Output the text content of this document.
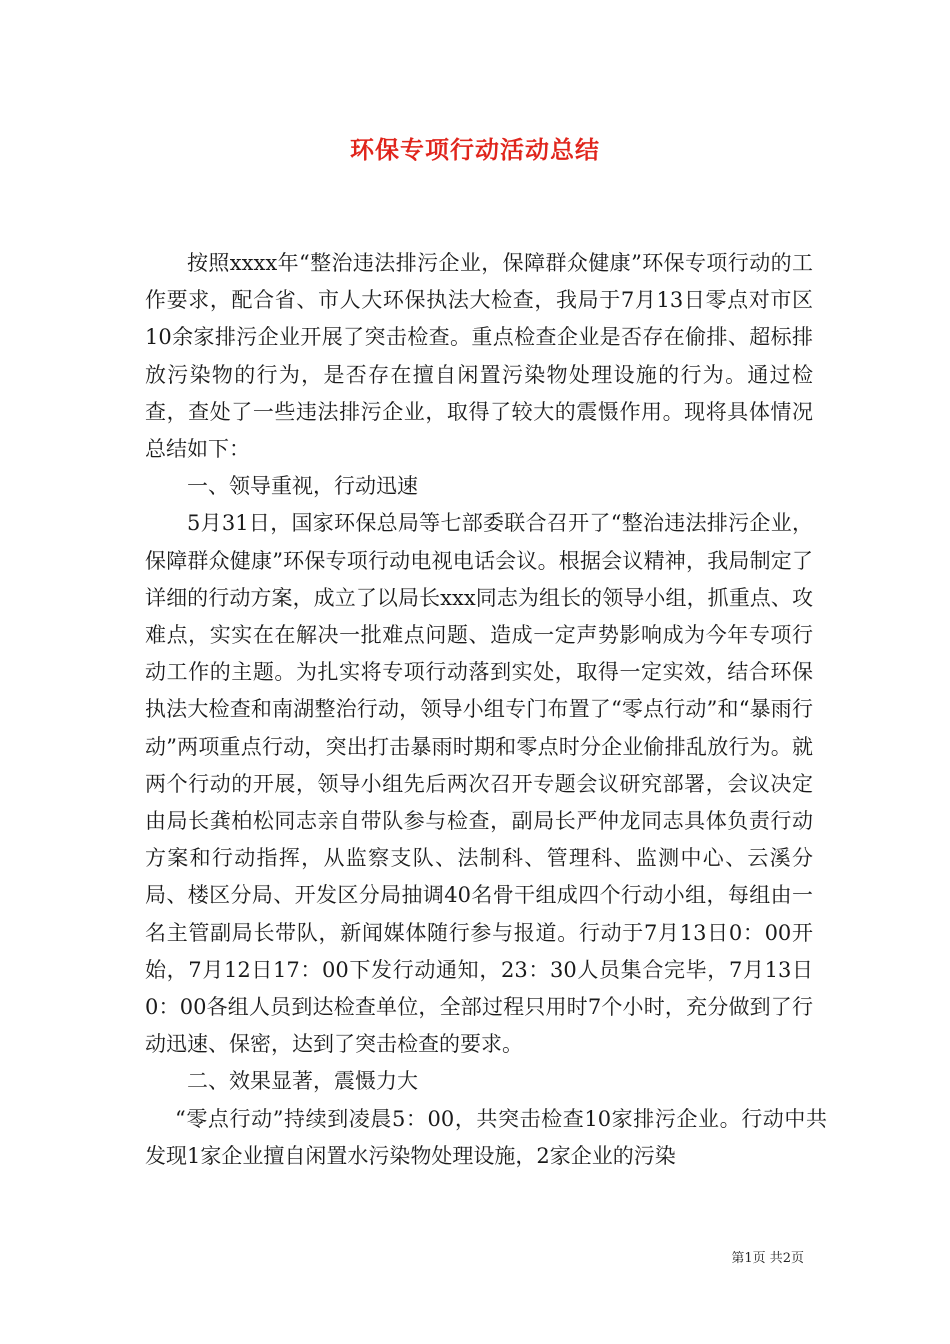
环保专项行动活动总结

按照xxxx年“整治违法排污企业，保障群众健康”环保专项行动的工作要求，配合省、市人大环保执法大检查，我局于7月13日零点对市区10余家排污企业开展了突击检查。重点检查企业是否存在偷排、超标排放污染物的行为，是否存在擅自闲置污染物处理设施的行为。通过检查，查处了一些违法排污企业，取得了较大的震慑作用。现将具体情况总结如下：

一、领导重视，行动迅速

5月31日，国家环保总局等七部委联合召开了“整治违法排污企业，保障群众健康”环保专项行动电视电话会议。根据会议精神，我局制定了详细的行动方案，成立了以局长xxx同志为组长的领导小组，抓重点、攻难点，实实在在解决一批难点问题、造成一定声势影响成为今年专项行动工作的主题。为扎实将专项行动落到实处，取得一定实效，结合环保执法大检查和南湖整治行动，领导小组专门布置了“零点行动”和“暴雨行动”两项重点行动，突出打击暴雨时期和零点时分企业偷排乱放行为。就两个行动的开展，领导小组先后两次召开专题会议研究部署，会议决定由局长龚柏松同志亲自带队参与检查，副局长严仲龙同志具体负责行动方案和行动指挥，从监察支队、法制科、管理科、监测中心、云溪分局、楼区分局、开发区分局抽调40名骨干组成四个行动小组，每组由一名主管副局长带队，新闻媒体随行参与报道。行动于7月13日0：00开始，7月12日17：00下发行动通知，23：30人员集合完毕，7月13日0：00各组人员到达检查单位，全部过程只用时7个小时，充分做到了行动迅速、保密，达到了突击检查的要求。

二、效果显著，震慑力大

“零点行动”持续到凌晨5：00，共突击检查10家排污企业。行动中共发现1家企业擅自闲置水污染物处理设施，2家企业的污染

第1页 共2页
